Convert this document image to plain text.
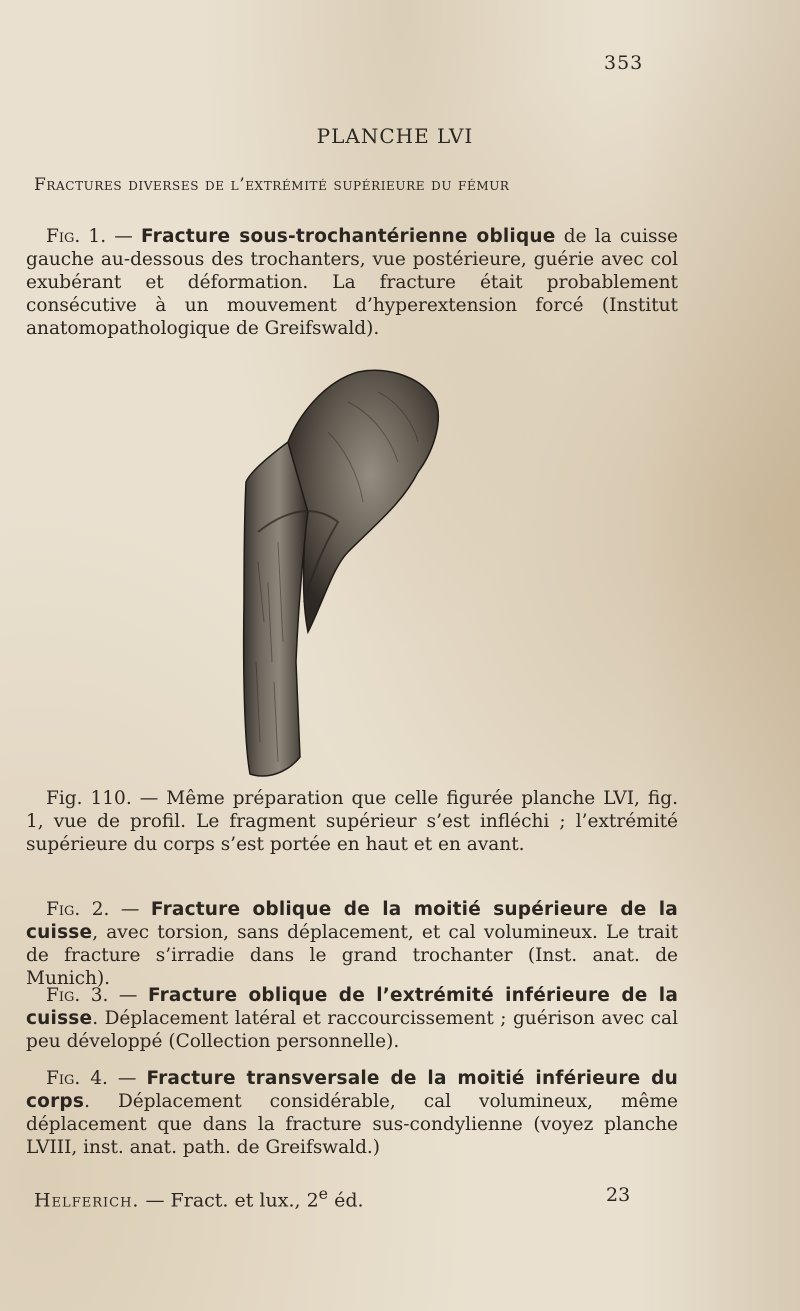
353
PLANCHE LVI
Fractures diverses de l’extrémité supérieure du fémur

Fig. 1. — Fracture sous-trochantérienne oblique de la cuisse gauche au-dessous des trochanters, vue postérieure, guérie avec col exubérant et déformation. La fracture était probablement consécutive à un mouvement d’hyperextension forcé (Institut anatomopathologique de Greifswald).

Fig. 110. — Même préparation que celle figurée planche LVI, fig. 1, vue de profil. Le fragment supérieur s’est infléchi ; l’extrémité supérieure du corps s’est portée en haut et en avant.

Fig. 2. — Fracture oblique de la moitié supérieure de la cuisse, avec torsion, sans déplacement, et cal volumineux. Le trait de fracture s’irradie dans le grand trochanter (Inst. anat. de Munich).

Fig. 3. — Fracture oblique de l’extrémité inférieure de la cuisse. Déplacement latéral et raccourcissement ; guérison avec cal peu développé (Collection personnelle).

Fig. 4. — Fracture transversale de la moitié inférieure du corps. Déplacement considérable, cal volumineux, même déplacement que dans la fracture sus-condylienne (voyez planche LVIII, inst. anat. path. de Greifswald.)

Helferich. — Fract. et lux., 2e éd.	23
